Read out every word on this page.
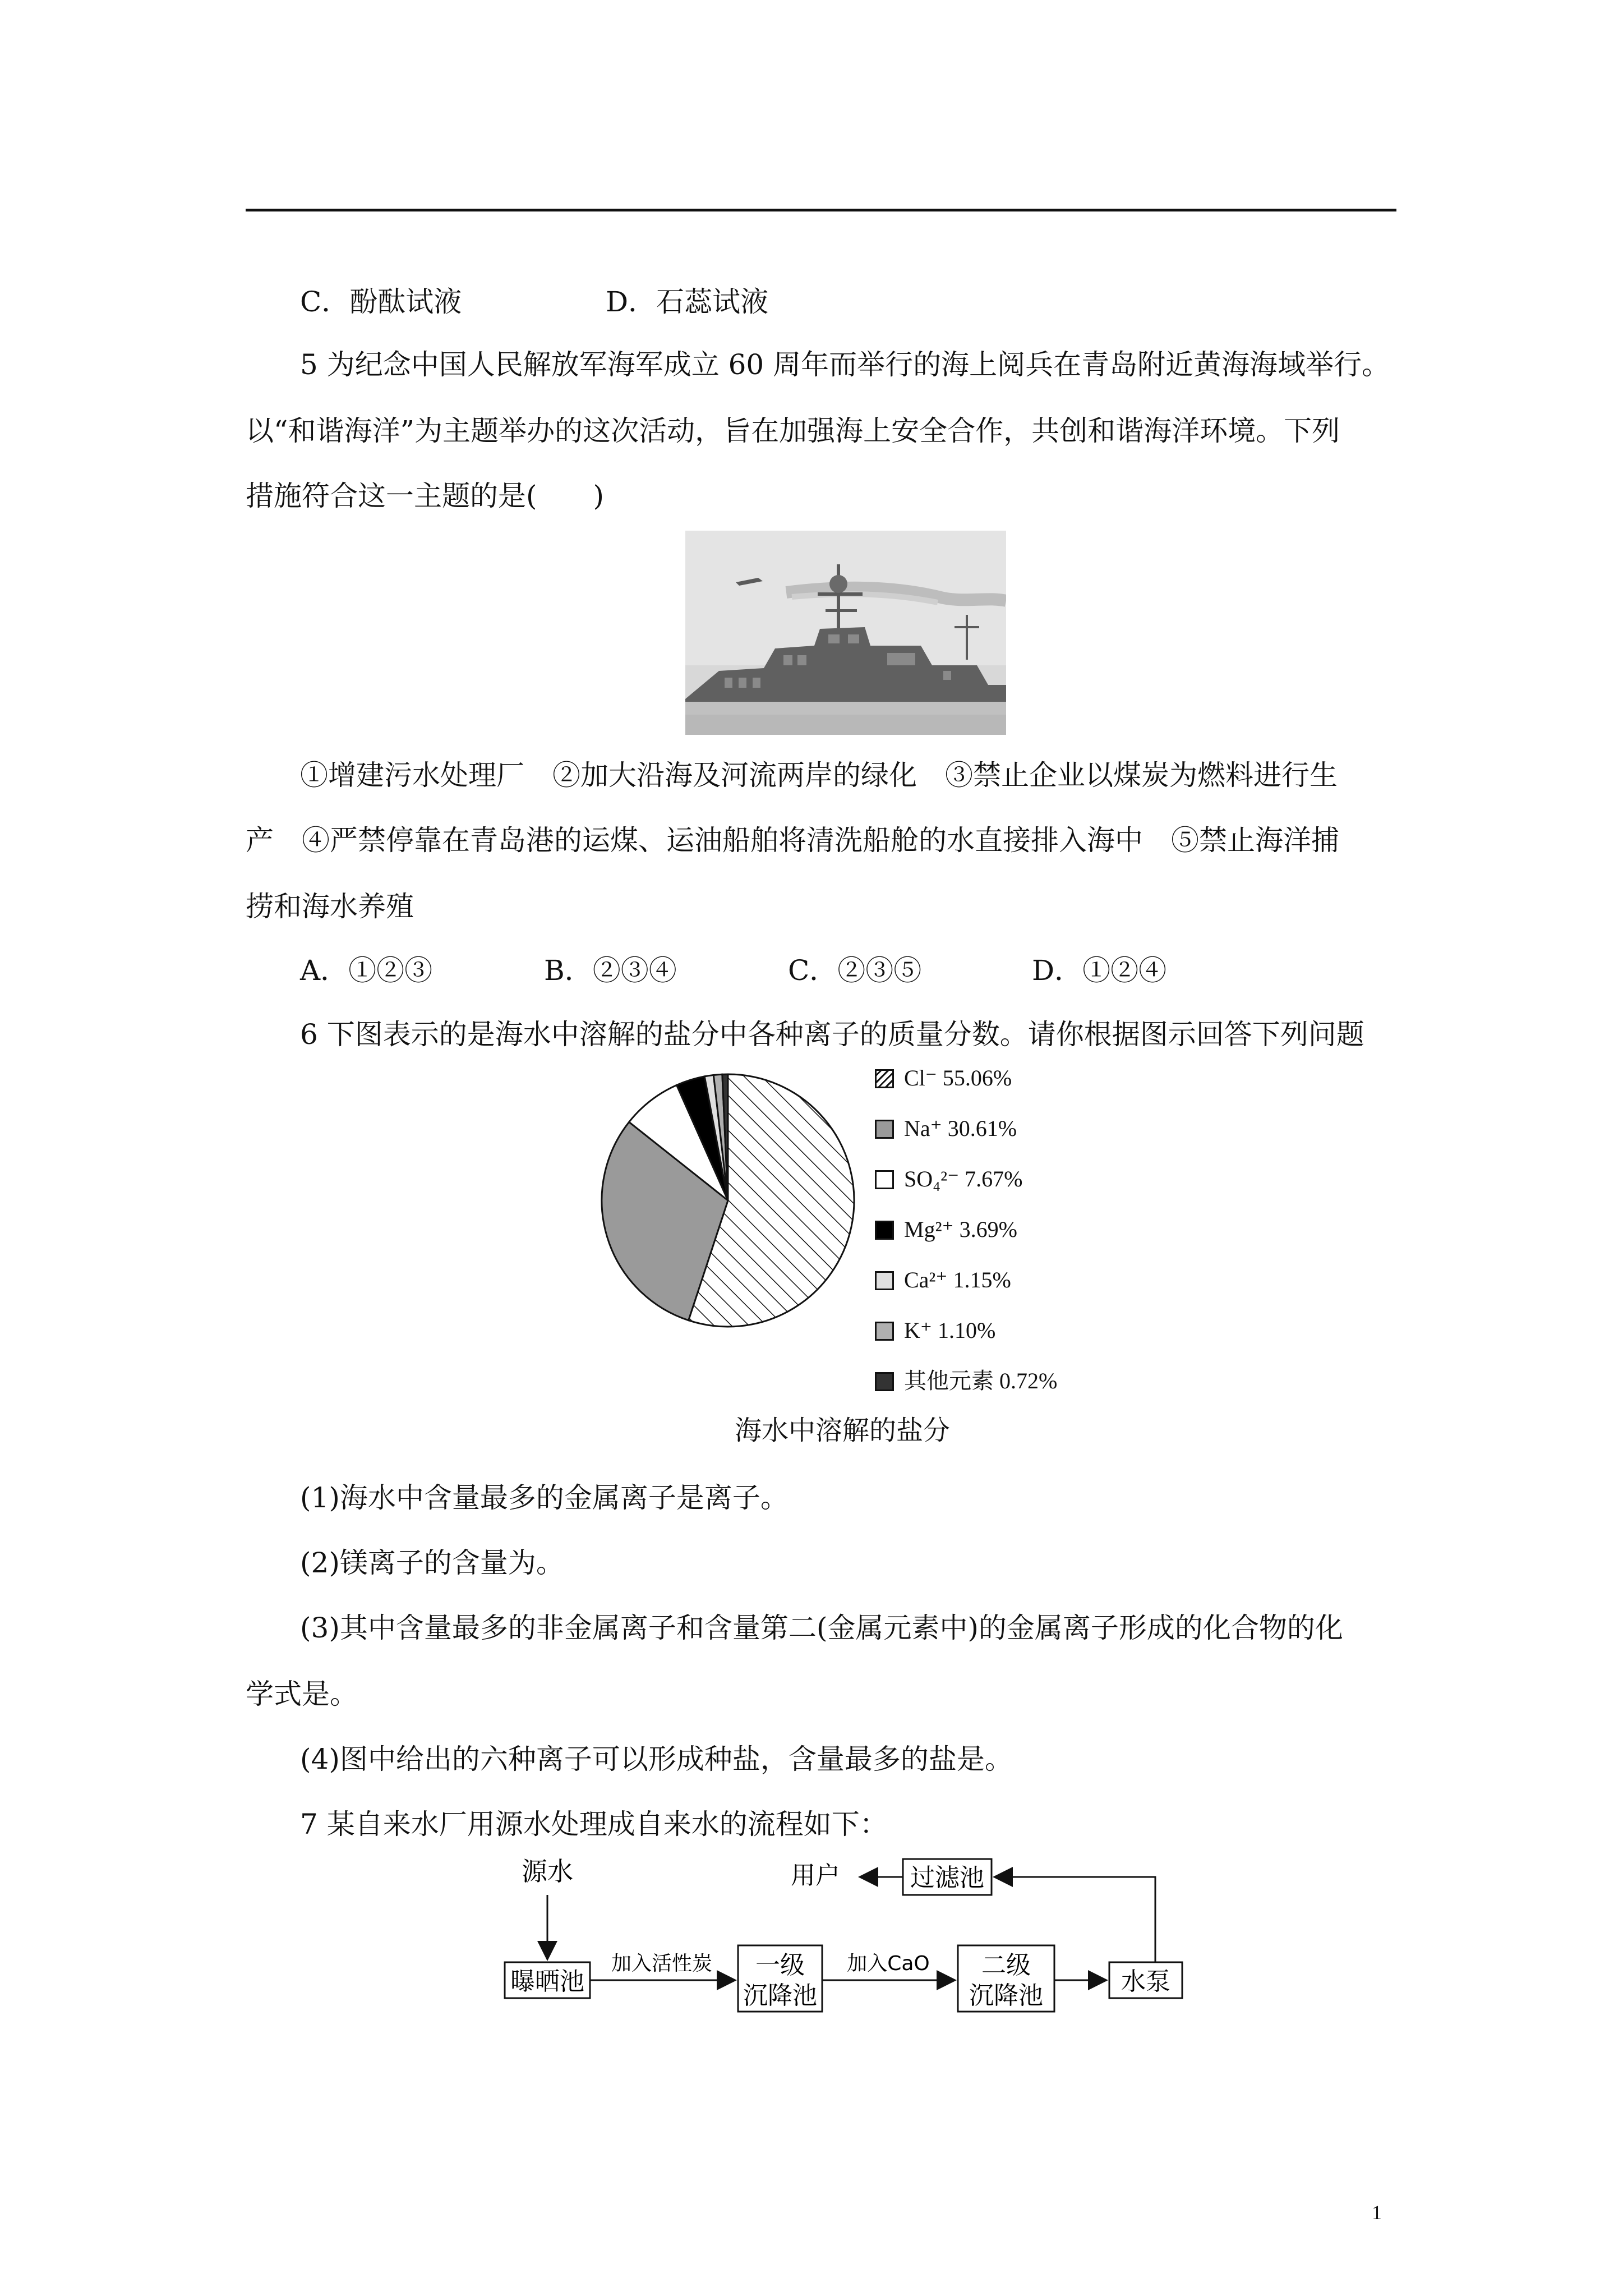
C．酚酞试液	D．石蕊试液
5 为纪念中国人民解放军海军成立 60 周年而举行的海上阅兵在青岛附近黄海海域举行。
以“和谐海洋”为主题举办的这次活动，旨在加强海上安全合作，共创和谐海洋环境。下列
措施符合这一主题的是(　　)
①增建污水处理厂　②加大沿海及河流两岸的绿化　③禁止企业以煤炭为燃料进行生
产　④严禁停靠在青岛港的运煤、运油船舶将清洗船舱的水直接排入海中　⑤禁止海洋捕
捞和海水养殖
A．①②③	B．②③④	C．②③⑤	D．①②④
6 下图表示的是海水中溶解的盐分中各种离子的质量分数。请你根据图示回答下列问题
Cl⁻ 55.06%
Na⁺ 30.61%
SO₄²⁻ 7.67%
Mg²⁺ 3.69%
Ca²⁺ 1.15%
K⁺ 1.10%
其他元素 0.72%
海水中溶解的盐分
(1)海水中含量最多的金属离子是离子。
(2)镁离子的含量为。
(3)其中含量最多的非金属离子和含量第二(金属元素中)的金属离子形成的化合物的化
学式是。
(4)图中给出的六种离子可以形成种盐，含量最多的盐是。
7 某自来水厂用源水处理成自来水的流程如下：
源水
曝晒池
加入活性炭 一级
沉降池
加入CaO 二级
沉降池	水泵
过滤池
用户
1
